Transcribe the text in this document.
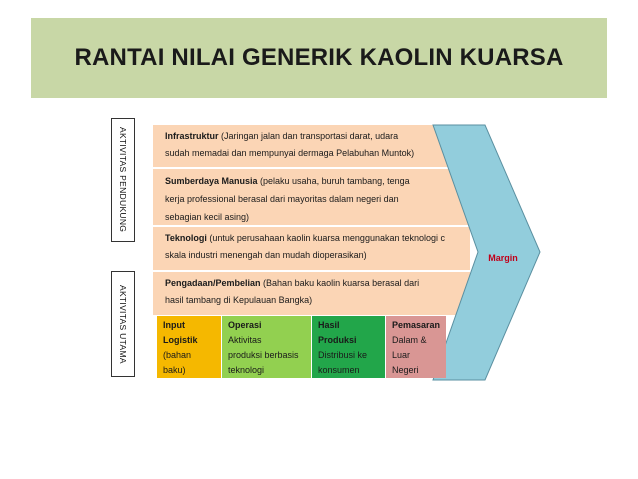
RANTAI NILAI GENERIK KAOLIN KUARSA
AKTIVITAS PENDUKUNG
AKTIVITAS UTAMA
Infrastruktur (Jaringan jalan dan transportasi darat, udara
sudah memadai dan mempunyai dermaga Pelabuhan Muntok)
Sumberdaya Manusia (pelaku usaha, buruh tambang, tenga
kerja professional berasal dari mayoritas dalam negeri dan
sebagian kecil asing)
Teknologi (untuk perusahaan kaolin kuarsa menggunakan teknologi c
skala industri menengah dan mudah dioperasikan)
Pengadaan/Pembelian (Bahan baku kaolin kuarsa berasal dari
hasil tambang di Kepulauan Bangka)
Input
Logistik
(bahan
baku)
Operasi
Aktivitas
produksi berbasis
teknologi
Hasil
Produksi
Distribusi ke
konsumen
Pemasaran
Dalam &
Luar
Negeri
Margin
